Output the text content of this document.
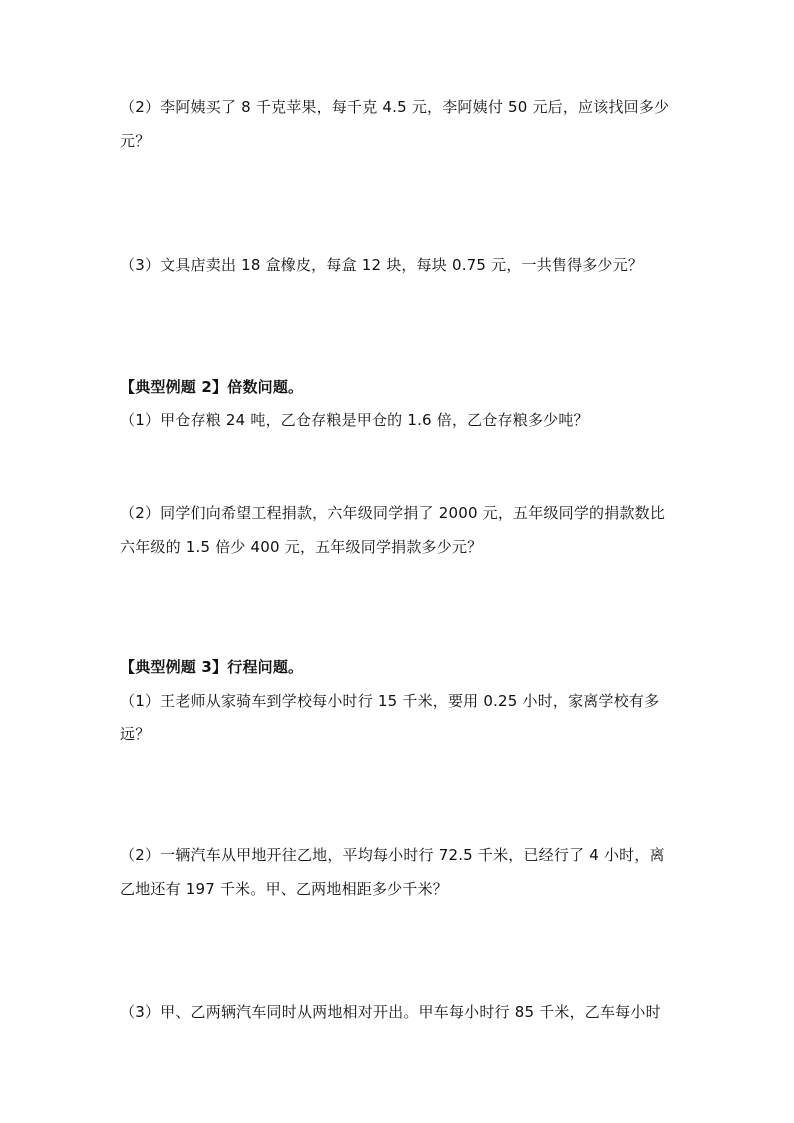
（2）李阿姨买了 8 千克苹果，每千克 4.5 元，李阿姨付 50 元后，应该找回多少
元？
（3）文具店卖出 18 盒橡皮，每盒 12 块，每块 0.75 元，一共售得多少元？
【典型例题 2】倍数问题。
（1）甲仓存粮 24 吨，乙仓存粮是甲仓的 1.6 倍，乙仓存粮多少吨？
（2）同学们向希望工程捐款，六年级同学捐了 2000 元，五年级同学的捐款数比
六年级的 1.5 倍少 400 元，五年级同学捐款多少元？
【典型例题 3】行程问题。
（1）王老师从家骑车到学校每小时行 15 千米，要用 0.25 小时，家离学校有多
远？
（2）一辆汽车从甲地开往乙地，平均每小时行 72.5 千米，已经行了 4 小时，离
乙地还有 197 千米。甲、乙两地相距多少千米？
（3）甲、乙两辆汽车同时从两地相对开出。甲车每小时行 85 千米，乙车每小时
